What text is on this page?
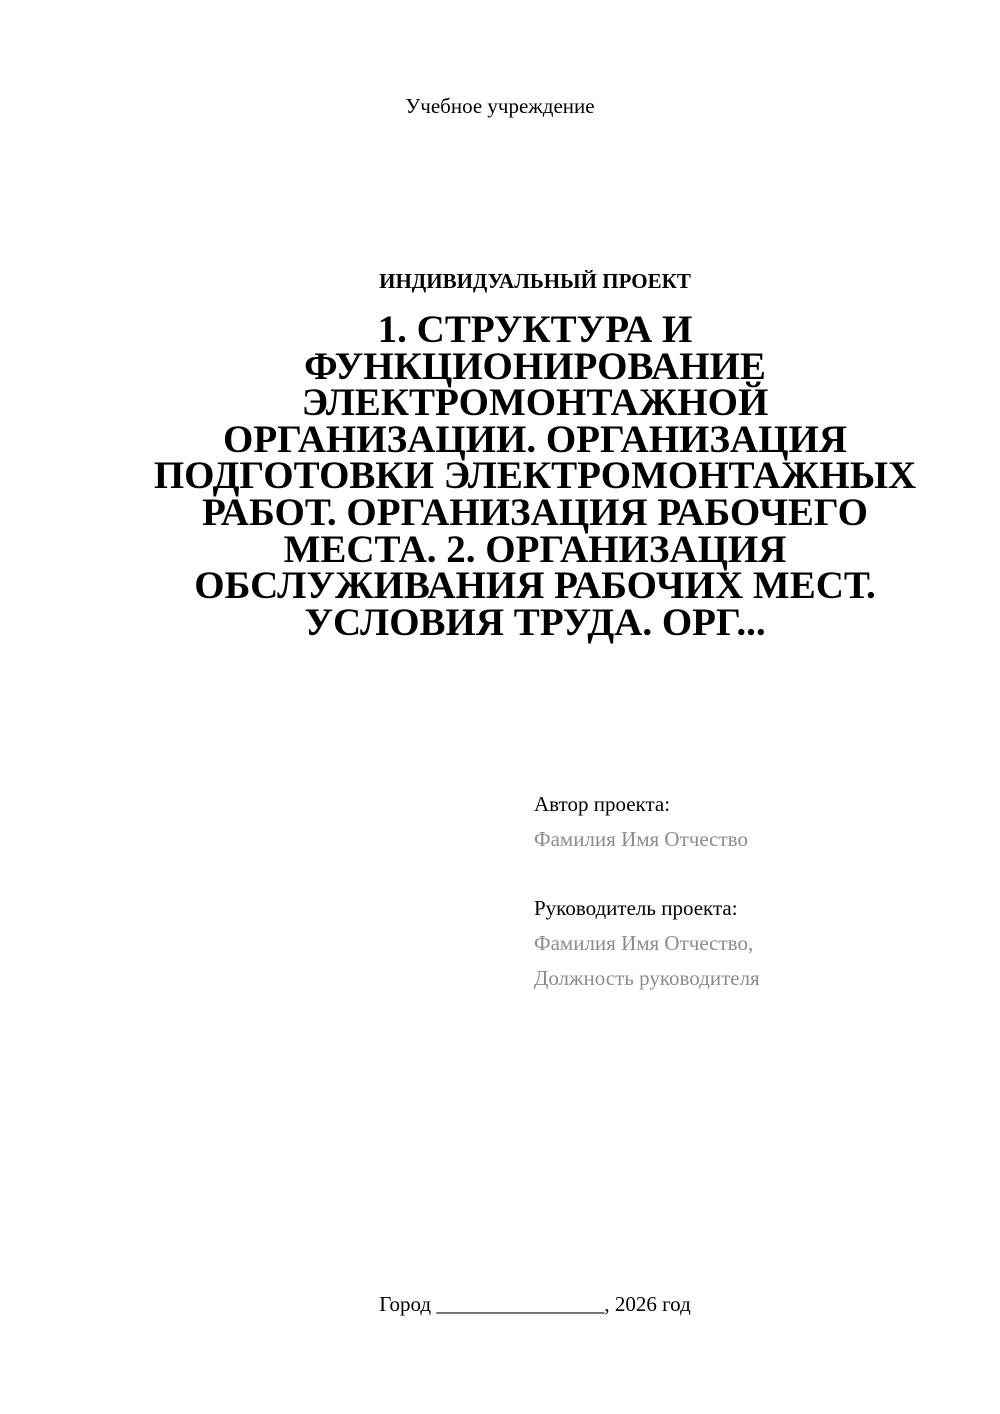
Учебное учреждение
ИНДИВИДУАЛЬНЫЙ ПРОЕКТ
1. СТРУКТУРА И ФУНКЦИОНИРОВАНИЕ ЭЛЕКТРОМОНТАЖНОЙ ОРГАНИЗАЦИИ. ОРГАНИЗАЦИЯ ПОДГОТОВКИ ЭЛЕКТРОМОНТАЖНЫХ РАБОТ. ОРГАНИЗАЦИЯ РАБОЧЕГО МЕСТА. 2. ОРГАНИЗАЦИЯ ОБСЛУЖИВАНИЯ РАБОЧИХ МЕСТ. УСЛОВИЯ ТРУДА. ОРГ...
Автор проекта:
Фамилия Имя Отчество
Руководитель проекта:
Фамилия Имя Отчество,
Должность руководителя
Город ________________, 2026 год
